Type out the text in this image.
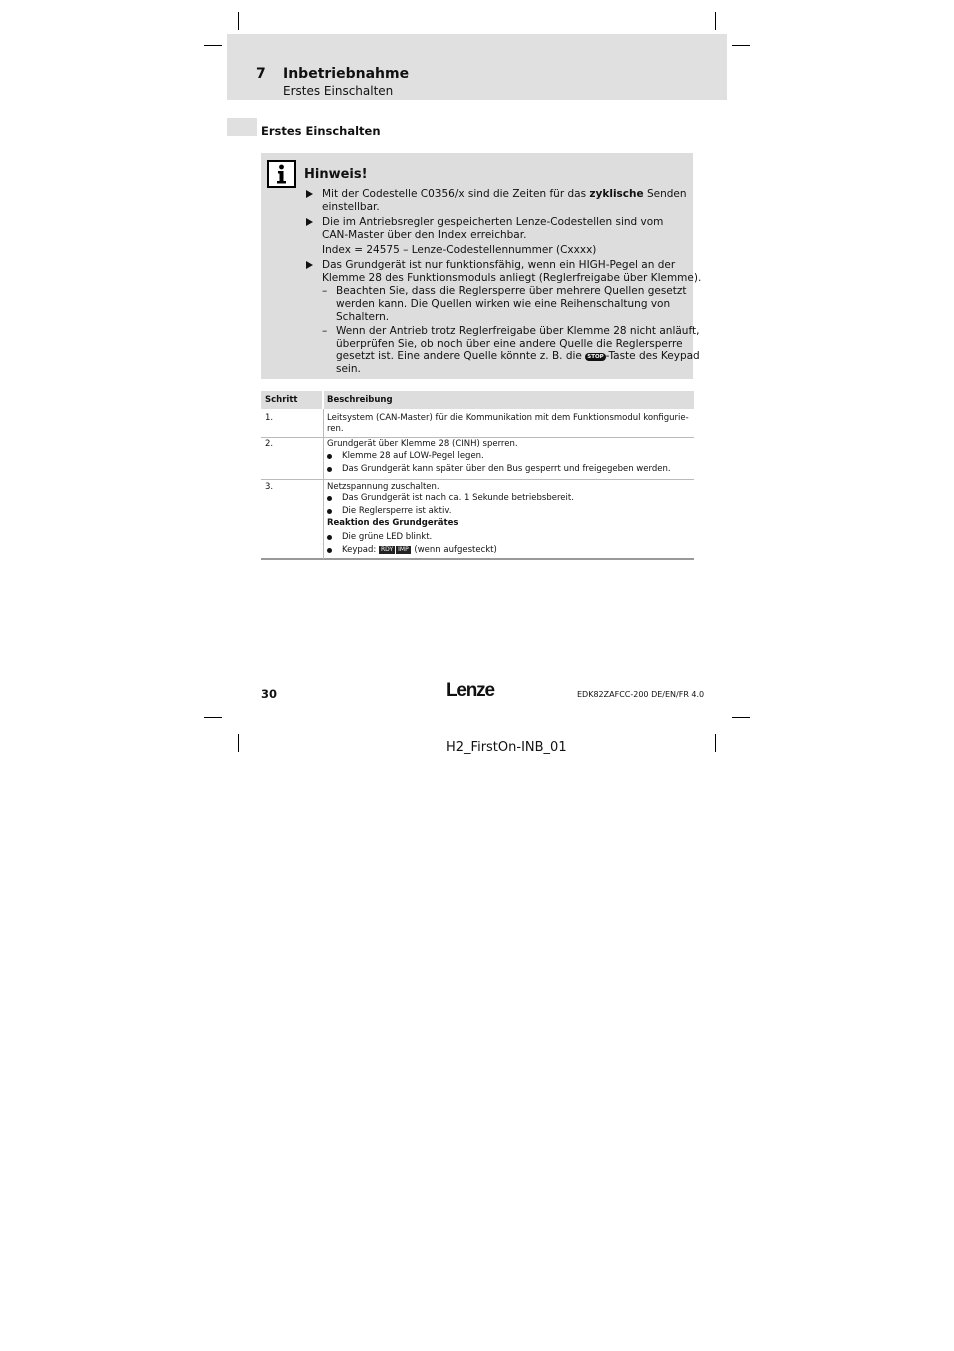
7 Inbetriebnahme
Erstes Einschalten
Erstes Einschalten
Hinweis!
Mit der Codestelle C0356/x sind die Zeiten für das zyklische Senden
einstellbar.
Die im Antriebsregler gespeicherten Lenze-Codestellen sind vom
CAN-Master über den Index erreichbar.
Index = 24575 – Lenze-Codestellennummer (Cxxxx)
Das Grundgerät ist nur funktionsfähig, wenn ein HIGH-Pegel an der
Klemme 28 des Funktionsmoduls anliegt (Reglerfreigabe über Klemme).
– Beachten Sie, dass die Reglersperre über mehrere Quellen gesetzt
werden kann. Die Quellen wirken wie eine Reihenschaltung von
Schaltern.
– Wenn der Antrieb trotz Reglerfreigabe über Klemme 28 nicht anläuft,
überprüfen Sie, ob noch über eine andere Quelle die Reglersperre
gesetzt ist. Eine andere Quelle könnte z. B. die STOP -Taste des Keypad
sein.
Schritt	Beschreibung
1.	Leitsystem (CAN-Master) für die Kommunikation mit dem Funktionsmodul konfigurie-
ren.
2.	Grundgerät über Klemme 28 (CINH) sperren.
Klemme 28 auf LOW-Pegel legen.
Das Grundgerät kann später über den Bus gesperrt und freigegeben werden.
3.	Netzspannung zuschalten.
Das Grundgerät ist nach ca. 1 Sekunde betriebsbereit.
Die Reglersperre ist aktiv.
Reaktion des Grundgerätes
Die grüne LED blinkt.
Keypad: RDY IMP (wenn aufgesteckt)
30	Lenze	EDK82ZAFCC-200 DE/EN/FR 4.0
H2_FirstOn-INB_01
